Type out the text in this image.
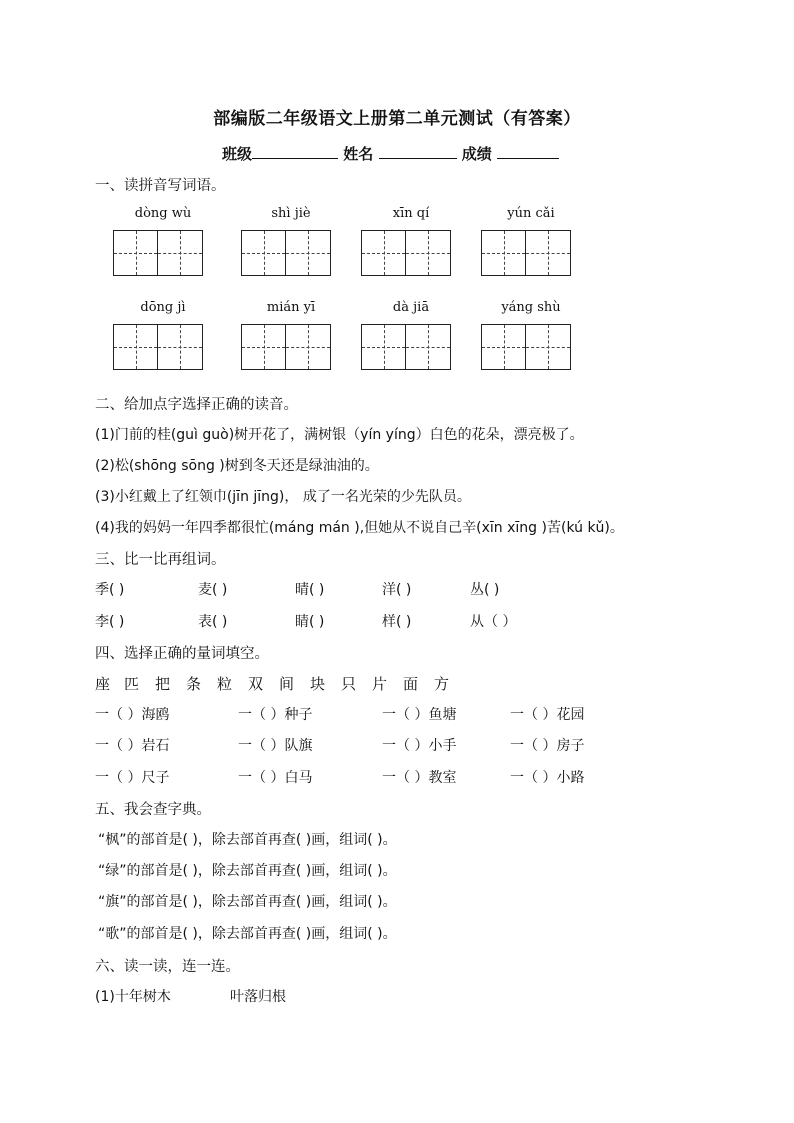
部编版二年级语文上册第二单元测试（有答案）
班级	姓名	成绩
一、读拼音写词语。
dòng wù	shì jiè	xīn qí	yún cǎi
dōng jì	mián yī	dà jiā	yáng shù
二、给加点字选择正确的读音。
(1)门前的桂(guì guò)树开花了，满树银（yín yíng）白色的花朵，漂亮极了。
(2)松(shōng sōng )树到冬天还是绿油油的。
(3)小红戴上了红领巾(jīn jīng)， 成了一名光荣的少先队员。
(4)我的妈妈一年四季都很忙(máng mán ),但她从不说自己辛(xīn xīng )苦(kú kǔ)。
三、比一比再组词。
季( )	麦( )	晴( )	洋( )	丛( )
李( )	表( )	睛( )	样( )	从（ ）
四、选择正确的量词填空。
座 匹 把 条 粒 双 间 块 只 片 面 方
一（ ）海鸥	一（ ）种子	一（ ）鱼塘	一（ ）花园
一（ ）岩石	一（ ）队旗	一（ ）小手	一（ ）房子
一（ ）尺子	一（ ）白马	一（ ）教室	一（ ）小路
五、我会查字典。
“枫”的部首是( )，除去部首再查( )画，组词( )。
“绿”的部首是( )，除去部首再查( )画，组词( )。
“旗”的部首是( )，除去部首再查( )画，组词( )。
“歌”的部首是( )，除去部首再查( )画，组词( )。
六、读一读，连一连。
(1)十年树木	叶落归根
